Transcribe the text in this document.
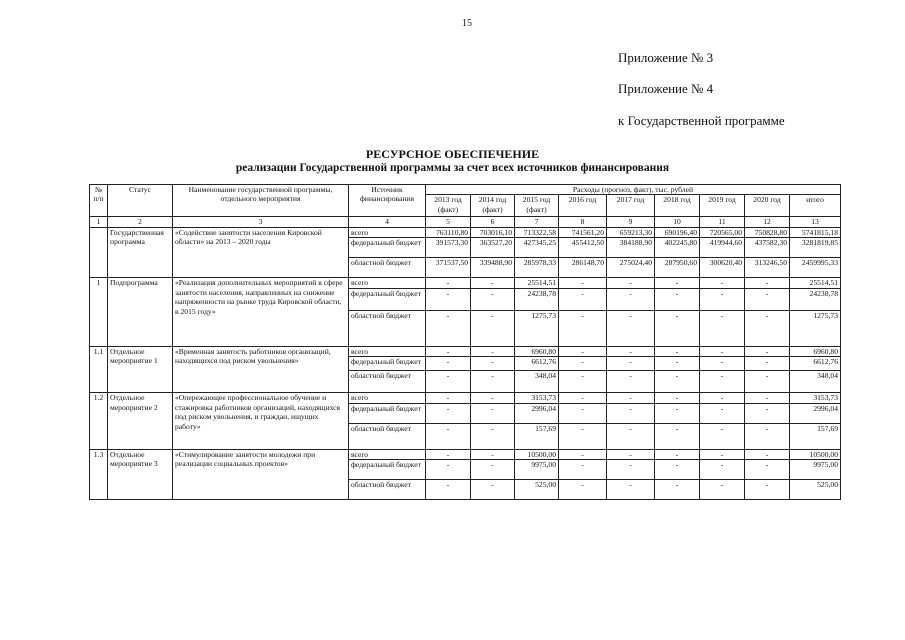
15
Приложение № 3
Приложение № 4
к Государственной программе
РЕСУРСНОЕ ОБЕСПЕЧЕНИЕ
реализации Государственной программы за счет всех источников финансирования
№ п/п	Статус	Наименование государственной программы, отдельного мероприятия	Источник финансирования	Расходы (прогноз, факт), тыс. рублей								
				2013 год (факт)	2014 год (факт)	2015 год (факт)	2016 год	2017 год	2018 год	2019 год	2020 год	итого
1	2	3	4	5	6	7	8	9	10	11	12	13
	Государственная программа	«Содействие занятости населения Кировской области» на 2013 – 2020 годы	всего	763110,80	703016,10	713322,58	741561,20	659213,30	690196,40	720565,00	750828,80	5741815,18
			федеральный бюджет	391573,30	363527,20	427345,25	455412,50	384188,90	402245,80	419944,60	437582,30	3281819,85
			областной бюджет	371537,50	339488,90	285978,33	286148,70	275024,40	287950,60	300620,40	313246,50	2459995,33
1	Подпрограмма	«Реализация дополнительных мероприятий в сфере занятости населения, направленных на снижение напряженности на рынке труда Кировской области, в 2015 году»	всего	-	-	25514,51	-	-	-	-	-	25514,51
			федеральный бюджет	-	-	24238,78	-	-	-	-	-	24238,78
			областной бюджет	-	-	1275,73	-	-	-	-	-	1275,73
1.1	Отдельное мероприятие 1	«Временная занятость работников организаций, находящихся под риском увольнения»	всего	-	-	6960,80	-	-	-	-	-	6960,80
			федеральный бюджет	-	-	6612,76	-	-	-	-	-	6612,76
			областной бюджет	-	-	348,04	-	-	-	-	-	348,04
1.2	Отдельное мероприятие 2	«Опережающее профессиональное обучение и стажировка работников организаций, находящихся под риском увольнения, и граждан, ищущих работу»	всего	-	-	3153,73	-	-	-	-	-	3153,73
			федеральный бюджет	-	-	2996,04	-	-	-	-	-	2996,04
			областной бюджет	-	-	157,69	-	-	-	-	-	157,69
1.3	Отдельное мероприятие 3	«Стимулирование занятости молодежи при реализации социальных проектов»	всего	-	-	10500,00	-	-	-	-	-	10500,00
			федеральный бюджет	-	-	9975,00	-	-	-	-	-	9975,00
			областной бюджет	-	-	525,00	-	-	-	-	-	525,00
